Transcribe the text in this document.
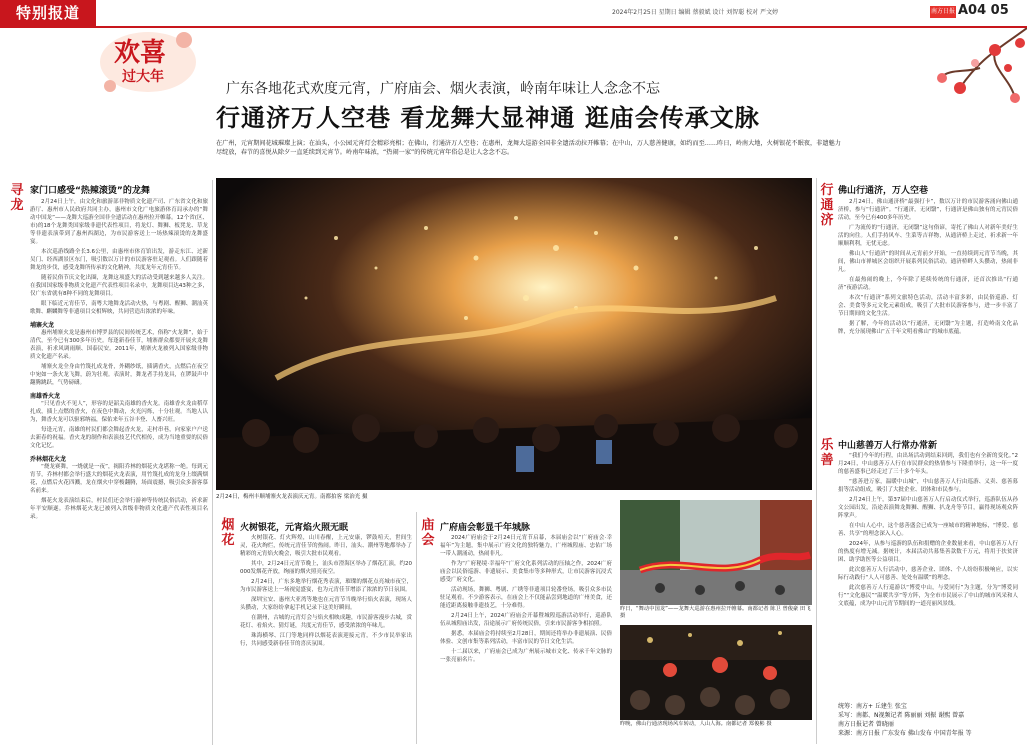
特别报道	2024年2月25日 星期日 编辑 蔡毅斌 设计 刘智聪 校对 严文婷	南方日报 A04 05
欢喜
过大年
广东各地花式欢度元宵，广府庙会、烟火表演，岭南年味让人念念不忘
行通济万人空巷 看龙舞大显神通 逛庙会传承文脉
在广州，元宵期间花城璀璨上演；在汕头，小公园元宵灯会精彩亮相；在佛山，行通济万人空巷；在惠州，龙舞大巡游全国非全遗活动拉开帷幕；在中山，万人慈善健康，如约而至……昨日，岭南大地，火树银花不眠夜，非遗魅力尽绽放，春节的喜悦从除夕一直延续到元宵节。岭南年味浓，“热闹一家”的传统元宵年俗总是让人念念不忘。
寻龙
家门口感受“热辣滚烫”的龙舞

2月24日上午，由文化和旅游部非物质文化遗产司、广东省文化和旅游厅、惠州市人民政府共同主办，惠州市文化广电旅游体育局承办的“舞动中国龙”——龙舞大巡游全国非全遗活动在惠州拉开帷幕。12个省(区、市)的18个龙舞类国家级非遗代表性项目，将龙灯、舞狮、板凳龙、草龙等非遗表演带到了惠州西湖边，为市民游客送上一场热辣滚烫的龙舞盛宴。

本次巡游线路全长3.6公里，由惠州市体育馆出发，游走东江、过新吴门、经西湖景区东门，吸引数以万计的市民游客驻足观看。人们跟随着舞龙的步伐，感受龙舞所传承的文化精神，共度龙年元宵佳节。

随着民俗节庆文化出圈，龙舞这项盛大的活动受到越来越多人关注。在我国国家级非物质文化遗产代表性项目名录中，龙舞项目达43种之多，仅广东省就有8种不同的龙舞项目。

眼下临近元宵佳节，南粤大地舞龙活动火热，与粤剧、醒狮、潮汕英歌舞、麒麟舞等非遗项目交相辉映，共同营造出浓浓的年味。

埔寨火龙

惠州埔寨火龙是惠州市博罗县的民间传统艺术，俗称“火龙舞”，始于清代，至今已有300多年历史。每逢新春佳节，埔寨群众都要开展火龙舞表演，祈求风调雨顺、国泰民安。2011年，埔寨火龙被列入国家级非物质文化遗产名录。

埔寨火龙全身由竹篾扎成龙骨，外糊纱纸，插满香火，点燃后在夜空中宛如一条火龙飞舞，蔚为壮观。表演时，舞龙者手持龙具，在锣鼓声中翻腾跳跃，气势磅礴。

南雄香火龙

“只见香火不见人”，形容的是韶关南雄的香火龙。南雄香火龙由稻草扎成，插上点燃的香火，在夜色中舞动，火光闪烁，十分壮观。当地人认为，舞香火龙可以驱邪纳福，保佑来年五谷丰登、人畜兴旺。

每逢元宵，南雄的村民们都会舞起香火龙，走村串巷，向家家户户送去新春的祝福。香火龙的制作和表演技艺代代相传，成为当地重要的民俗文化记忆。

乔林烟花火龙

“烧龙赛舞，一烧就是一夜”，揭阳乔林的烟花火龙堪称一绝。每到元宵节，乔林村都会举行盛大的烟花火龙表演，用竹篾扎成的龙身上缀满烟花，点燃后火花四溅，龙在烟火中穿梭翻腾，场面震撼，吸引众多游客慕名前来。

烟花火龙表演结束后，村民们还会举行游神等传统民俗活动，祈求新年平安顺遂。乔林烟花火龙已被列入省级非物质文化遗产代表性项目名录。

2月24日，梅州丰顺埔寨火龙表演庆元宵。南都拍客 梁治光 摄
烟花
火树银花，元宵焰火照无眠

火树银花、灯火辉煌，山川春醒，上元安康，锣鼓喧天，世间生灵，花火绚烂，传统元宵佳节的热闹。昨日，汕头、潮州等地都举办了精彩的元宵焰火晚会，吸引大批市民观看。

其中，2月24日元宵节晚上，汕头市澄海区举办了烟花汇演，约20000发烟花齐放，绚丽的烟火照亮夜空。

2月24日，广东多地举行烟花秀表演，璀璨的烟花点亮城市夜空，为市民游客送上一场视觉盛宴，也为元宵佳节增添了浓浓的节日氛围。

深圳宝安、惠州大亚湾等地也在元宵节当晚举行焰火表演，现场人头攒动，大家纷纷拿起手机记录下这美好瞬间。

在潮州，古城的元宵灯会与焰火相映成趣，市民游客漫步古城，赏花灯、看焰火、猜灯谜，共度元宵佳节，感受浓浓的年味儿。

珠海横琴、江门等地同样以烟花表演迎接元宵，不少市民举家出行，共同感受新春佳节的喜庆氛围。

庙会
广府庙会彰显千年城脉

2024广府庙会于2月24日元宵节启幕，本届庙会以“广府庙会·幸福年”为主题，集中展示广府文化的独特魅力，广州城隍庙、忠佑广场一带人潮涌动，热闹非凡。

作为“广府秘境·幸福年”广府文化系列活动的压轴之作，2024广府庙会以民俗巡游、非遗展示、美食集市等多种形式，让市民游客沉浸式感受广府文化。

活动现场，舞狮、粤剧、广绣等非遗项目轮番登场，吸引众多市民驻足观看。不少游客表示，在庙会上不仅能品尝到地道的广州美食，还能近距离接触非遗技艺，十分难得。

2月24日上午，2024广府庙会开幕暨城隍巡游活动举行，巡游队伍从城隍庙出发，沿途展示广府传统民俗，引来市民游客争相拍照。

据悉，本届庙会将持续至2月28日，期间还将举办非遗展演、民俗体验、文创市集等系列活动，丰富市民的节日文化生活。

十二届以来，广府庙会已成为广州展示城市文化、传承千年文脉的一张亮丽名片。

昨日，“舞动中国龙”——龙舞大巡游在惠州拉开帷幕。南都记者 陈卫 曾俊豪 田飞 摄
昨晚，佛山行通济现场风车转动，人山人海。南都记者 郑俊彬 摄
行通济
佛山行通济，万人空巷

2月24日，佛山通济桥“最强打卡”，数以万计的市民游客涌向佛山通济桥，参与“行通济”。“行通济，无闭翳”，行通济是佛山独有的元宵民俗活动，至今已有400多年历史。

广为流传的“行通济，无闭翳”这句俗谚，寄托了佛山人对新年美好生活的向往。人们手持风车、生菜等吉祥物，从通济桥上走过，祈求新一年顺顺利利，无忧无虑。

佛山人“行通济”的时间从元宵前夕开始，一直持续到元宵节当晚，其间，佛山市禅城区会组织开展系列民俗活动。通济桥畔人头攒动，热闹非凡。

在最热闹的晚上，今年除了延续传统的行通济，还首次推出“行通济”夜游活动。

本次“行通济”系列文旅特色活动，活动丰富多彩，由民俗巡游、灯会、美食等多元文化元素组成，吸引了大批市民游客参与，进一步丰富了节日期间的文化生活。

据了解，今年的活动以“行通济，无闭翳”为主题，打造岭南文化品牌，充分展现佛山“五千年文明看佛山”的城市底蕴。

乐善
中山慈善万人行常办常新

“我们今年的行程，由出场活动到结束回到，我们也有全新的变化。”2月24日，中山慈善万人行在市民群众的热情参与下隆重举行，这一年一度的慈善盛事已经走过了三十多个年头。

“慈善进万家，温暖中山城”，中山慈善万人行由巡游、义卖、慈善募捐等活动组成，吸引了大批企业、团体和市民参与。

2月24日上午，第37届中山慈善万人行启动仪式举行，巡游队伍从孙文公园出发，沿途表演舞龙舞狮、醒狮、扒龙舟等节目，赢得现场观众阵阵掌声。

在中山人心中，这个慈善盛会已成为一座城市的精神地标，“博爱、慈善、共享”的理念深入人心。

2024年，从参与巡游的队伍和捐赠的企业数量来看，中山慈善万人行的热度有增无减。据统计，本届活动共募集善款数千万元，将用于扶贫济困、助学助医等公益项目。

此次慈善万人行活动中，慈善企业、团体、个人纷纷积极响应，以实际行动践行“人人可慈善、处处有温暖”的理念。

此次慈善万人行巡游以“博爱中山，与爱同行”为主题，分为“博爱同行”“文化惠民”“温暖共享”等方阵，为全市市民展示了中山的城市风采和人文底蕴，成为中山元宵节期间的一道亮丽风景线。

统筹：南方+ 丘建生 张宝
采写：南都、N视频记者 陈丽丽 刘振 谢熙 曾嘉
南方日报记者 曾晓丽
来源：南方日报 广东发布 佛山发布 中国青年报 等
